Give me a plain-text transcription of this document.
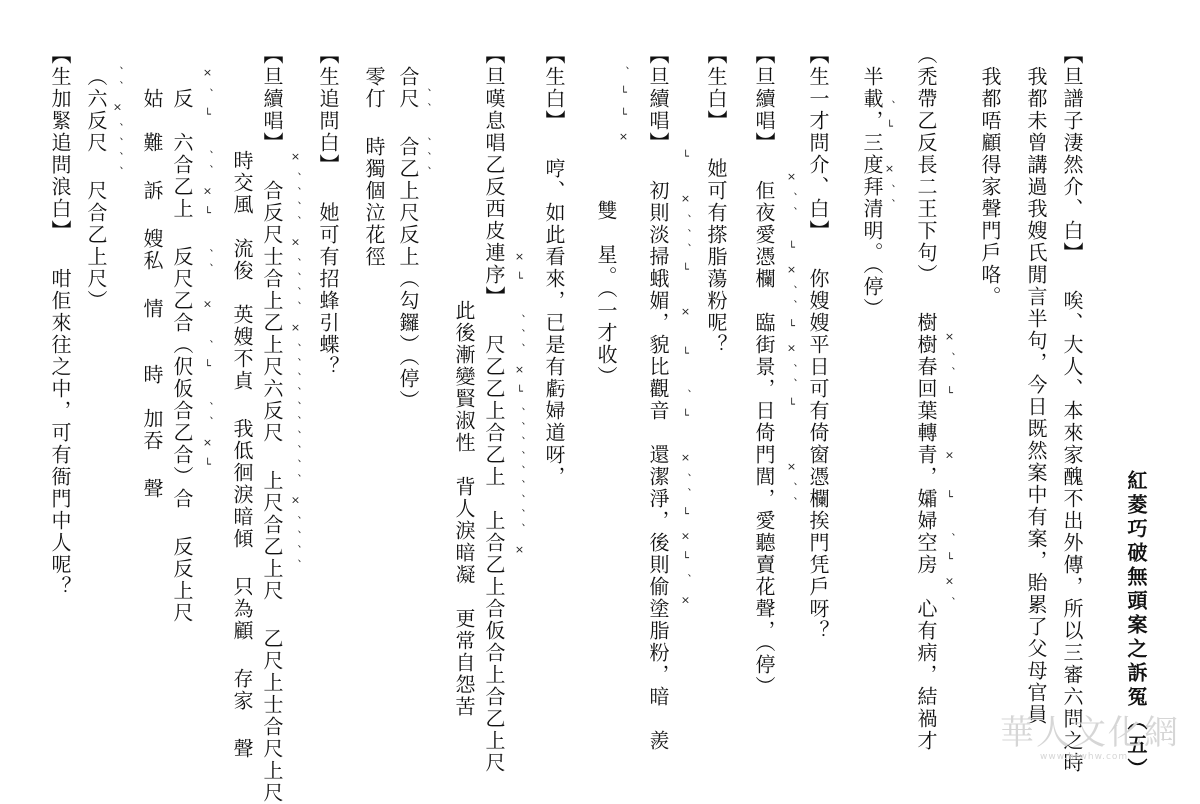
紅菱巧破無頭案之訴冤（五）
【旦譜子淒然介、白】 唉、大人、本來家醜不出外傳，所以三審六問之時
我都未曾講過我嫂氏閒言半句，今日既然案中有案，貽累了父母官員
我都唔顧得家聲門戶咯。
×、、└　　×　└　、└×、
（禿帶乙反長二王下句） 樹樹春回葉轉青，孀婦空房　心有病，結禍才
、└　×、、
半載，三度拜清明。（停）
【生一才問介、白】 你嫂嫂平日可有倚窗憑欄挨門凭戶呀？
×、、　└×、、└×、、└　　×、、
【旦續唱】 佢夜愛憑欄　臨街景，日倚門閭，愛聽賣花聲，（停）
【生白】 她可有搽脂蕩粉呢？
└　×、、、└　×　└　、└　×、、└×└、×
【旦續唱】 初則淡掃蛾媚，貌比觀音　還潔淨，後則偷塗脂粉，暗　羨
、└└×
雙　星。（一才收）
【生白】 哼、如此看來，已是有虧婦道呀，
×└　、、、×└、、、、、、、、、×
【旦嘆息唱乙反西皮連序】 尺乙乙上合乙上　上合乙上合仮合上合乙上尺
此後漸變賢淑性　背人淚暗凝　更常自怨苦
、、　、、、
合尺 合乙上尺反上（勾鑼）（停）
零仃 時獨個泣花徑
【生追問白】 她可有招蜂引蝶？
×、、、、×、、、、×、、、、、、、、、、×、、、、
【旦續唱】 合反尺士合上乙上尺六反尺 上尺合乙上尺 乙尺上士合尺上尺
時交風　流俊　英嫂不貞 我低徊淚暗傾 只為顧 存家 聲
×、└　、、×└　、、　×　、└　、、×└
反　六合乙上 反尺乙合（伬仮合乙合）合 反反上尺
姑　難 訴 嫂私 情　　時　加吞 聲
、、×、、、、
（六反尺 尺合乙上尺）
【生加緊追問浪白】 咁佢來往之中，可有衙門中人呢？
華人文化網
www.hrwhw.com
